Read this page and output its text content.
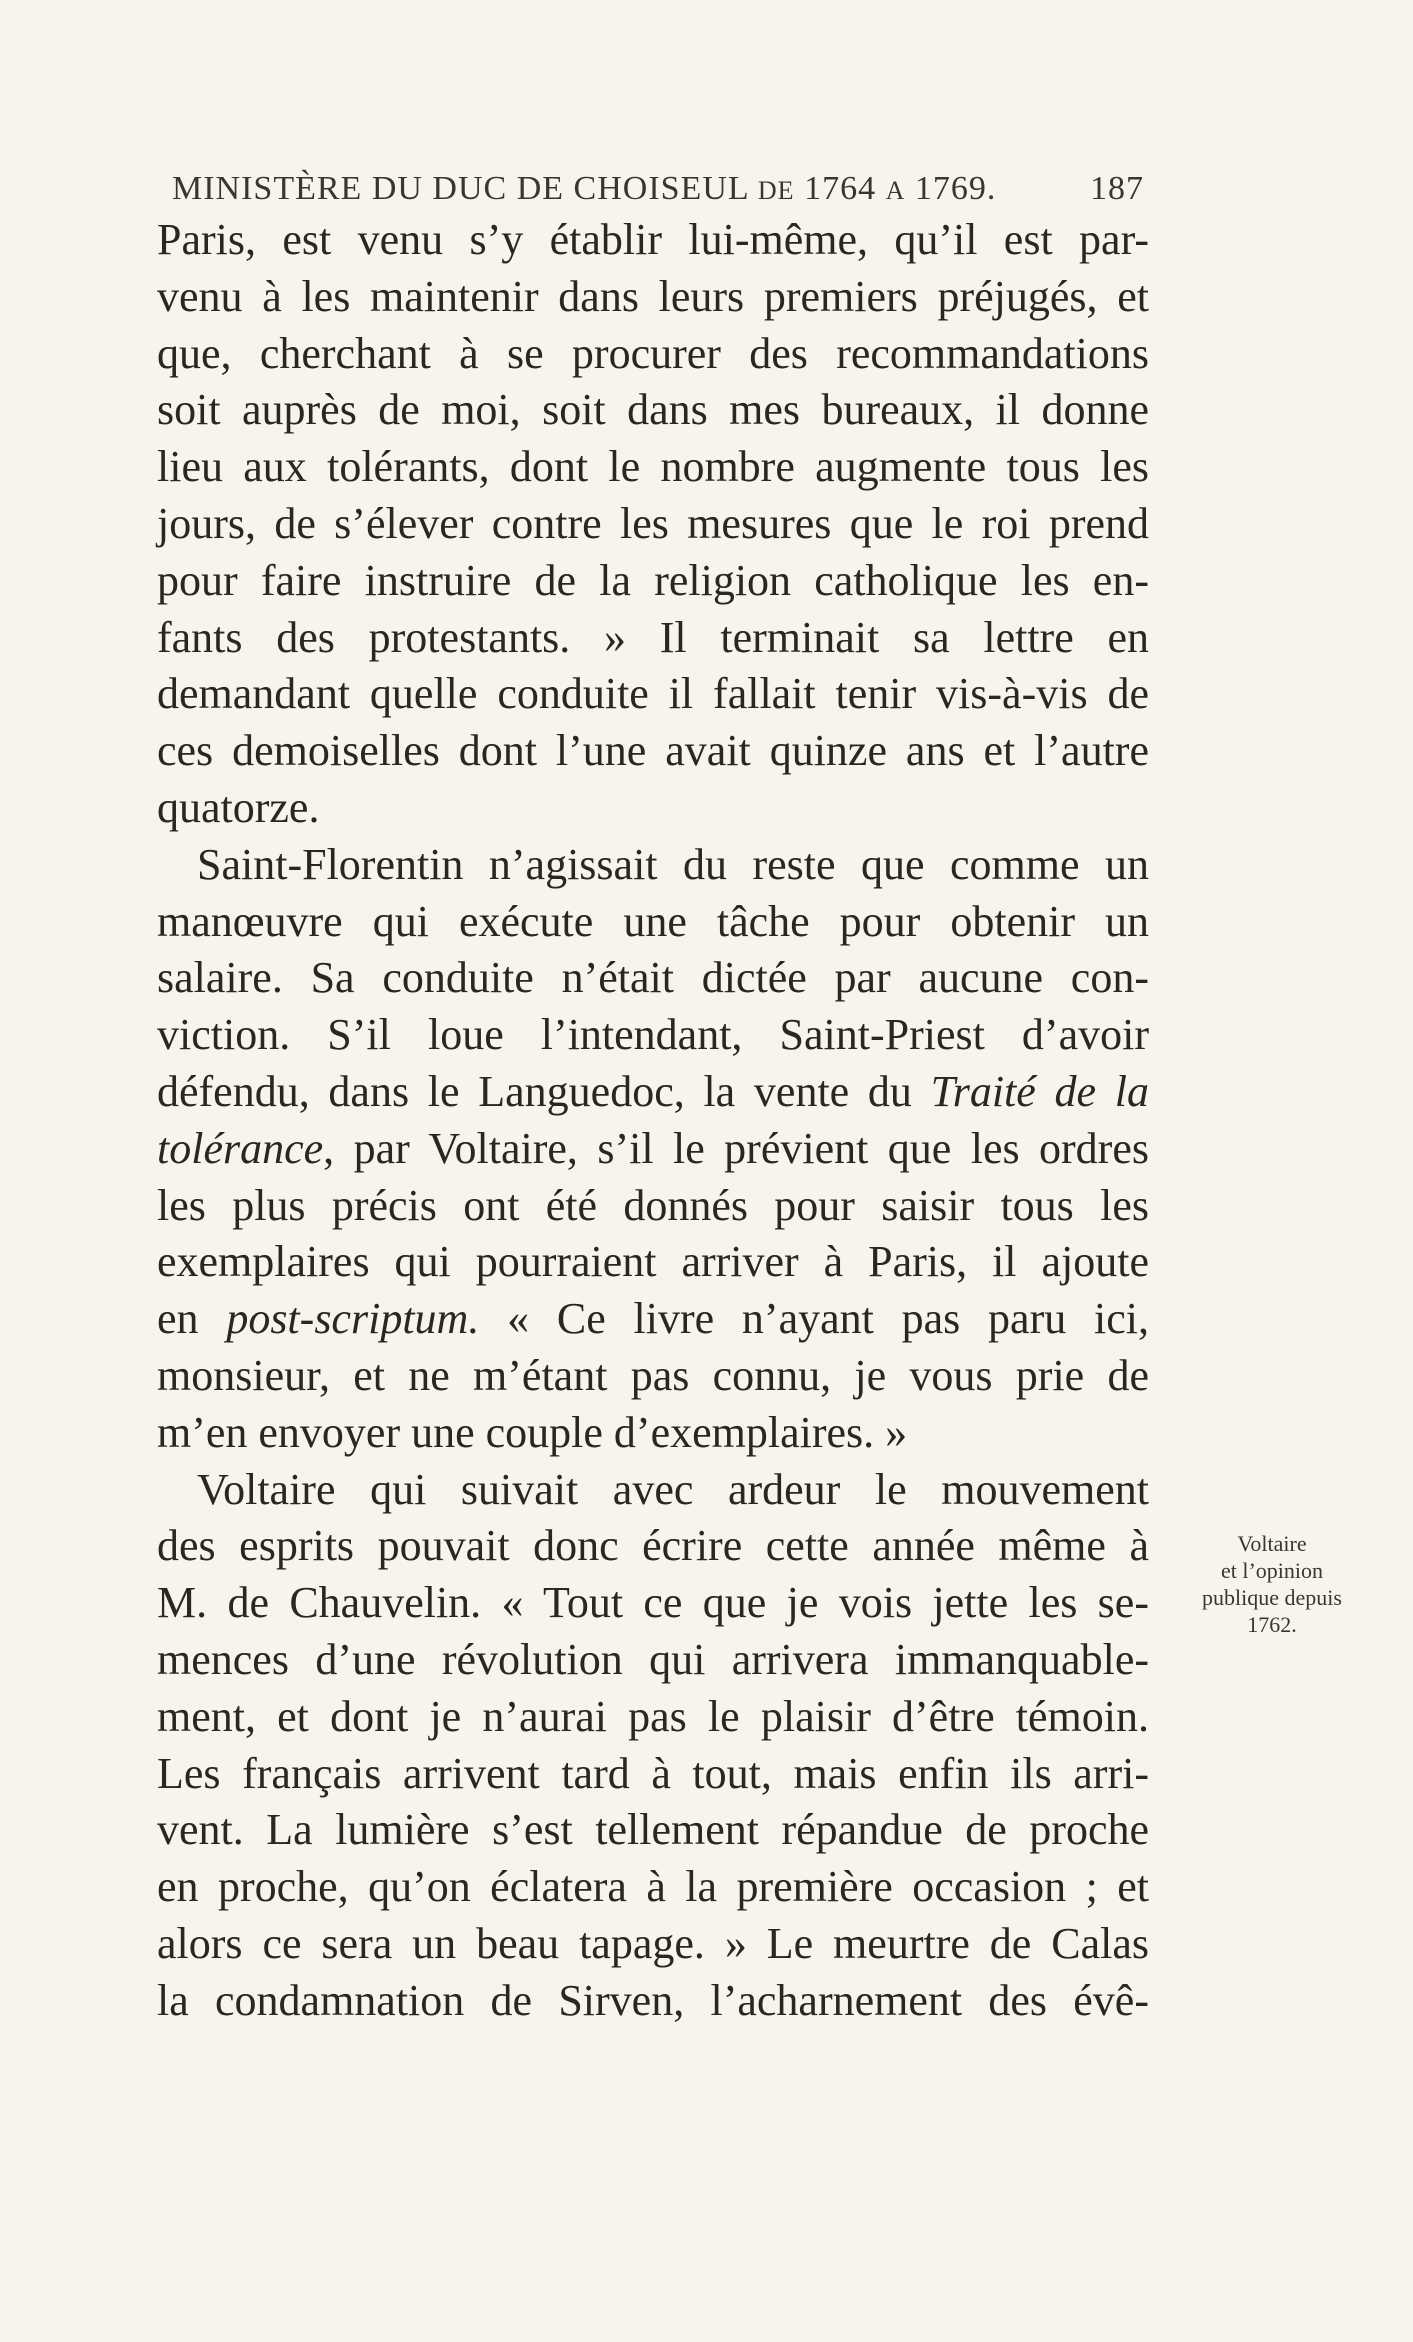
MINISTÈRE DU DUC DE CHOISEUL DE 1764 A 1769.	187
Paris, est venu s’y établir lui-même, qu’il est par-
venu à les maintenir dans leurs premiers préjugés, et
que, cherchant à se procurer des recommandations
soit auprès de moi, soit dans mes bureaux, il donne
lieu aux tolérants, dont le nombre augmente tous les
jours, de s’élever contre les mesures que le roi prend
pour faire instruire de la religion catholique les en-
fants des protestants. » Il terminait sa lettre en
demandant quelle conduite il fallait tenir vis-à-vis de
ces demoiselles dont l’une avait quinze ans et l’autre
quatorze.
Saint-Florentin n’agissait du reste que comme un
manœuvre qui exécute une tâche pour obtenir un
salaire. Sa conduite n’était dictée par aucune con-
viction. S’il loue l’intendant, Saint-Priest d’avoir
défendu, dans le Languedoc, la vente du Traité de la
tolérance, par Voltaire, s’il le prévient que les ordres
les plus précis ont été donnés pour saisir tous les
exemplaires qui pourraient arriver à Paris, il ajoute
en post-scriptum. « Ce livre n’ayant pas paru ici,
monsieur, et ne m’étant pas connu, je vous prie de
m’en envoyer une couple d’exemplaires. »
Voltaire qui suivait avec ardeur le mouvement
des esprits pouvait donc écrire cette année même à
M. de Chauvelin. « Tout ce que je vois jette les se-
mences d’une révolution qui arrivera immanquable-
ment, et dont je n’aurai pas le plaisir d’être témoin.
Les français arrivent tard à tout, mais enfin ils arri-
vent. La lumière s’est tellement répandue de proche
en proche, qu’on éclatera à la première occasion ; et
alors ce sera un beau tapage. » Le meurtre de Calas
la condamnation de Sirven, l’acharnement des évê-
Voltaire
et l’opinion
publique depuis
1762.
